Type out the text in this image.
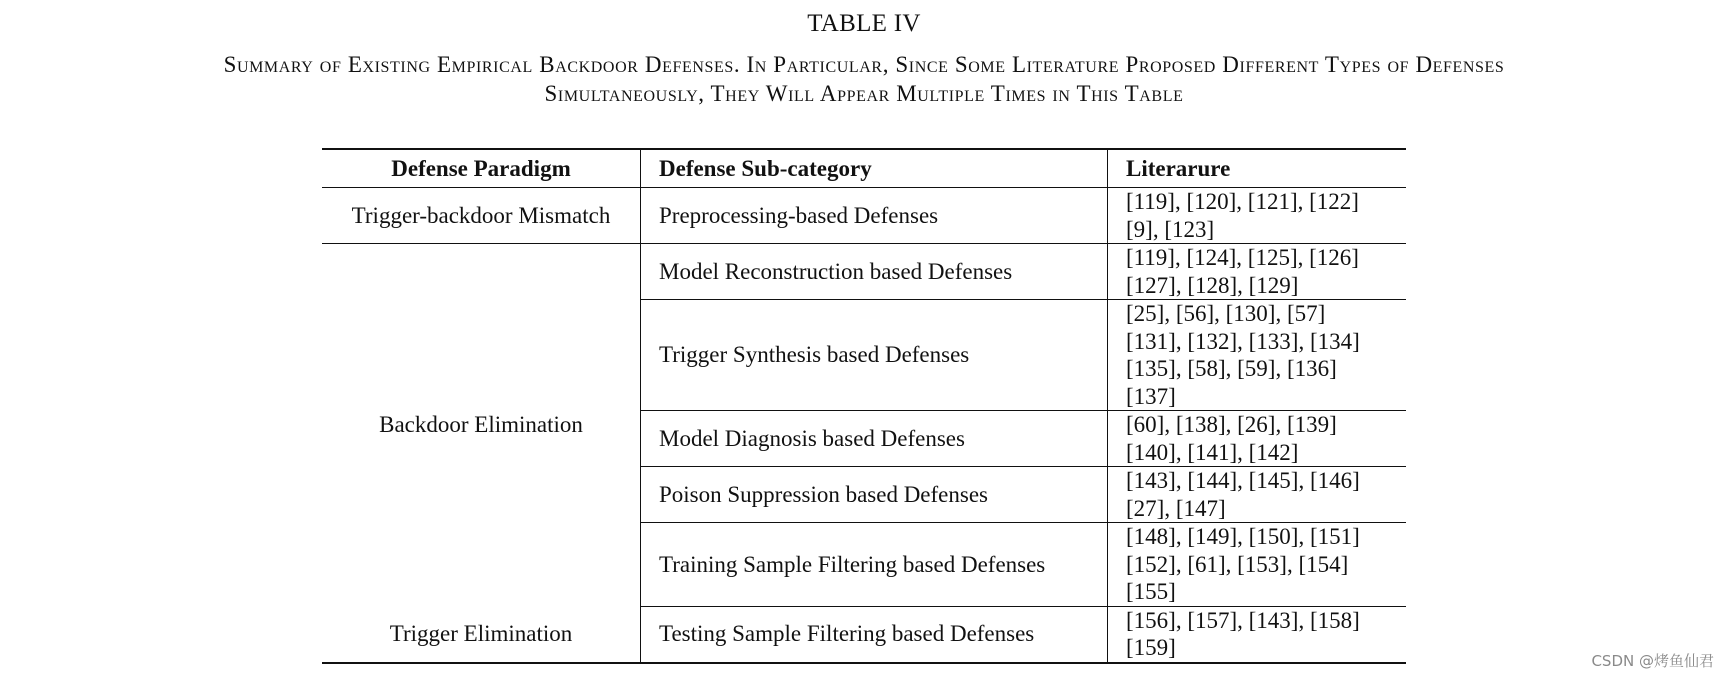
TABLE IV
Summary of Existing Empirical Backdoor Defenses. In Particular, Since Some Literature Proposed Different Types of Defenses
Simultaneously, They Will Appear Multiple Times in This Table
Defense Paradigm	Defense Sub-category	Literarure
Trigger-backdoor Mismatch	Preprocessing-based Defenses	[119], [120], [121], [122]
[9], [123]

Backdoor Elimination	Model Reconstruction based Defenses	[119], [124], [125], [126]
[127], [128], [129]

	Trigger Synthesis based Defenses	[25], [56], [130], [57]
[131], [132], [133], [134]
[135], [58], [59], [136]
[137]

	Model Diagnosis based Defenses	[60], [138], [26], [139]
[140], [141], [142]

	Poison Suppression based Defenses	[143], [144], [145], [146]
[27], [147]

	Training Sample Filtering based Defenses	[148], [149], [150], [151]
[152], [61], [153], [154]
[155]

Trigger Elimination	Testing Sample Filtering based Defenses	[156], [157], [143], [158]
[159]
CSDN @烤鱼仙君
